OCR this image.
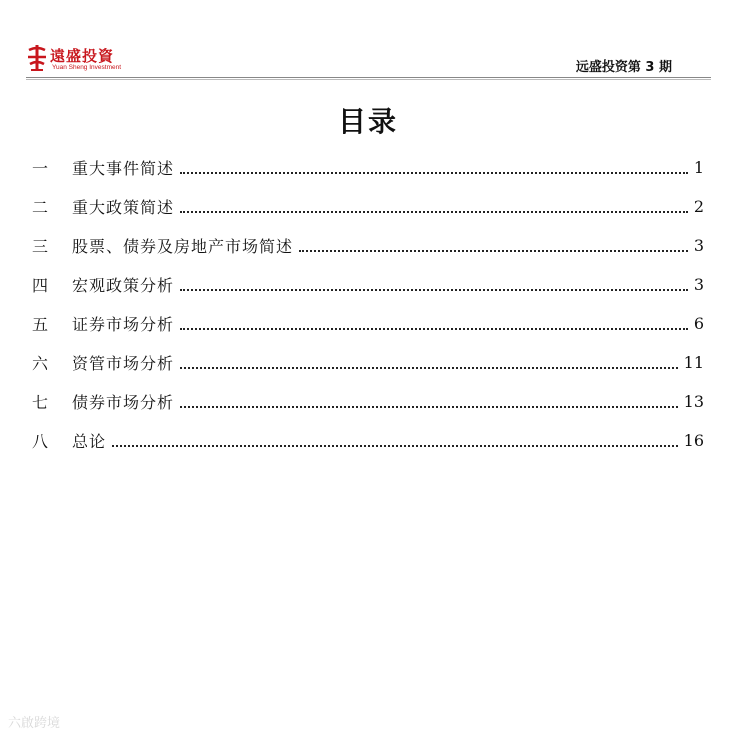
遠盛投資
Yuan Sheng Investment	远盛投资第 3 期
目录
一	重大事件简述	1
二	重大政策简述	2
三	股票、债券及房地产市场简述	3
四	宏观政策分析	3
五	证券市场分析	6
六	资管市场分析	11
七	债券市场分析	13
八	总论	16
六啟跨境
